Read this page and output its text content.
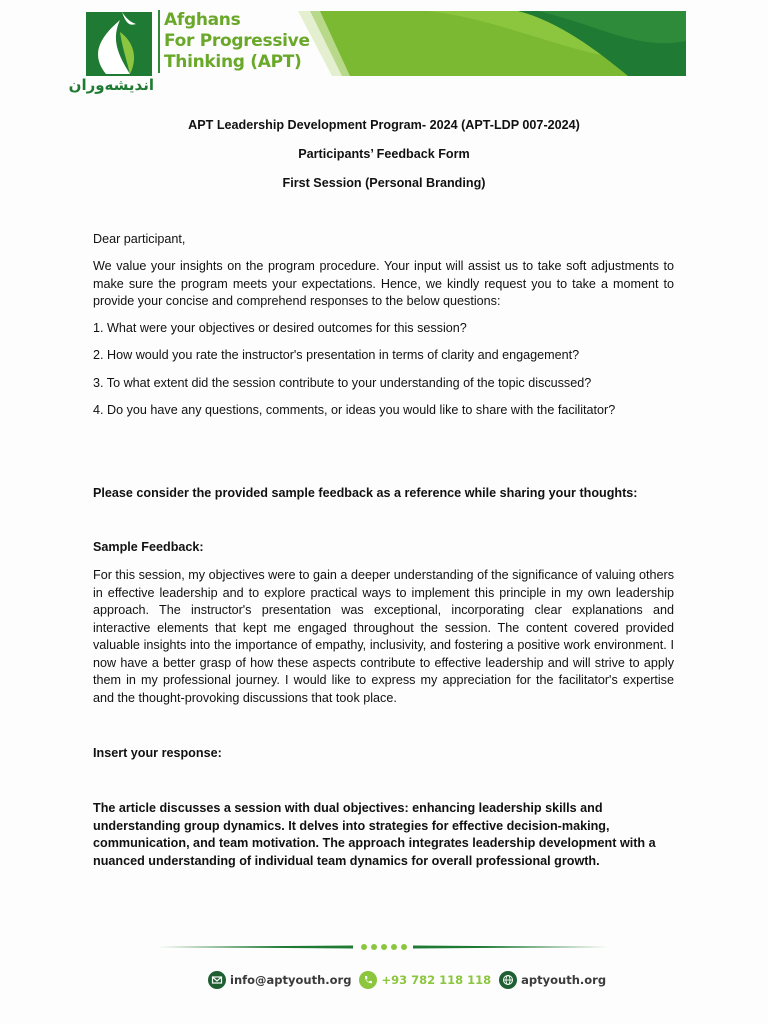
Afghans
For Progressive
Thinking (APT)
اندیشه‌وران
APT Leadership Development Program- 2024 (APT-LDP 007-2024)
Participants’ Feedback Form
First Session (Personal Branding)
Dear participant,
We value your insights on the program procedure. Your input will assist us to take soft adjustments to make sure the program meets your expectations. Hence, we kindly request you to take a moment to provide your concise and comprehend responses to the below questions:
1. What were your objectives or desired outcomes for this session?
2. How would you rate the instructor's presentation in terms of clarity and engagement?
3. To what extent did the session contribute to your understanding of the topic discussed?
4. Do you have any questions, comments, or ideas you would like to share with the facilitator?
Please consider the provided sample feedback as a reference while sharing your thoughts:
Sample Feedback:
For this session, my objectives were to gain a deeper understanding of the significance of valuing others in effective leadership and to explore practical ways to implement this principle in my own leadership approach. The instructor's presentation was exceptional, incorporating clear explanations and interactive elements that kept me engaged throughout the session. The content covered provided valuable insights into the importance of empathy, inclusivity, and fostering a positive work environment. I now have a better grasp of how these aspects contribute to effective leadership and will strive to apply them in my professional journey. I would like to express my appreciation for the facilitator's expertise and the thought-provoking discussions that took place.
Insert your response:
The article discusses a session with dual objectives: enhancing leadership skills and understanding group dynamics. It delves into strategies for effective decision-making, communication, and team motivation. The approach integrates leadership development with a nuanced understanding of individual team dynamics for overall professional growth.
info@aptyouth.org	+93 782 118 118	aptyouth.org
